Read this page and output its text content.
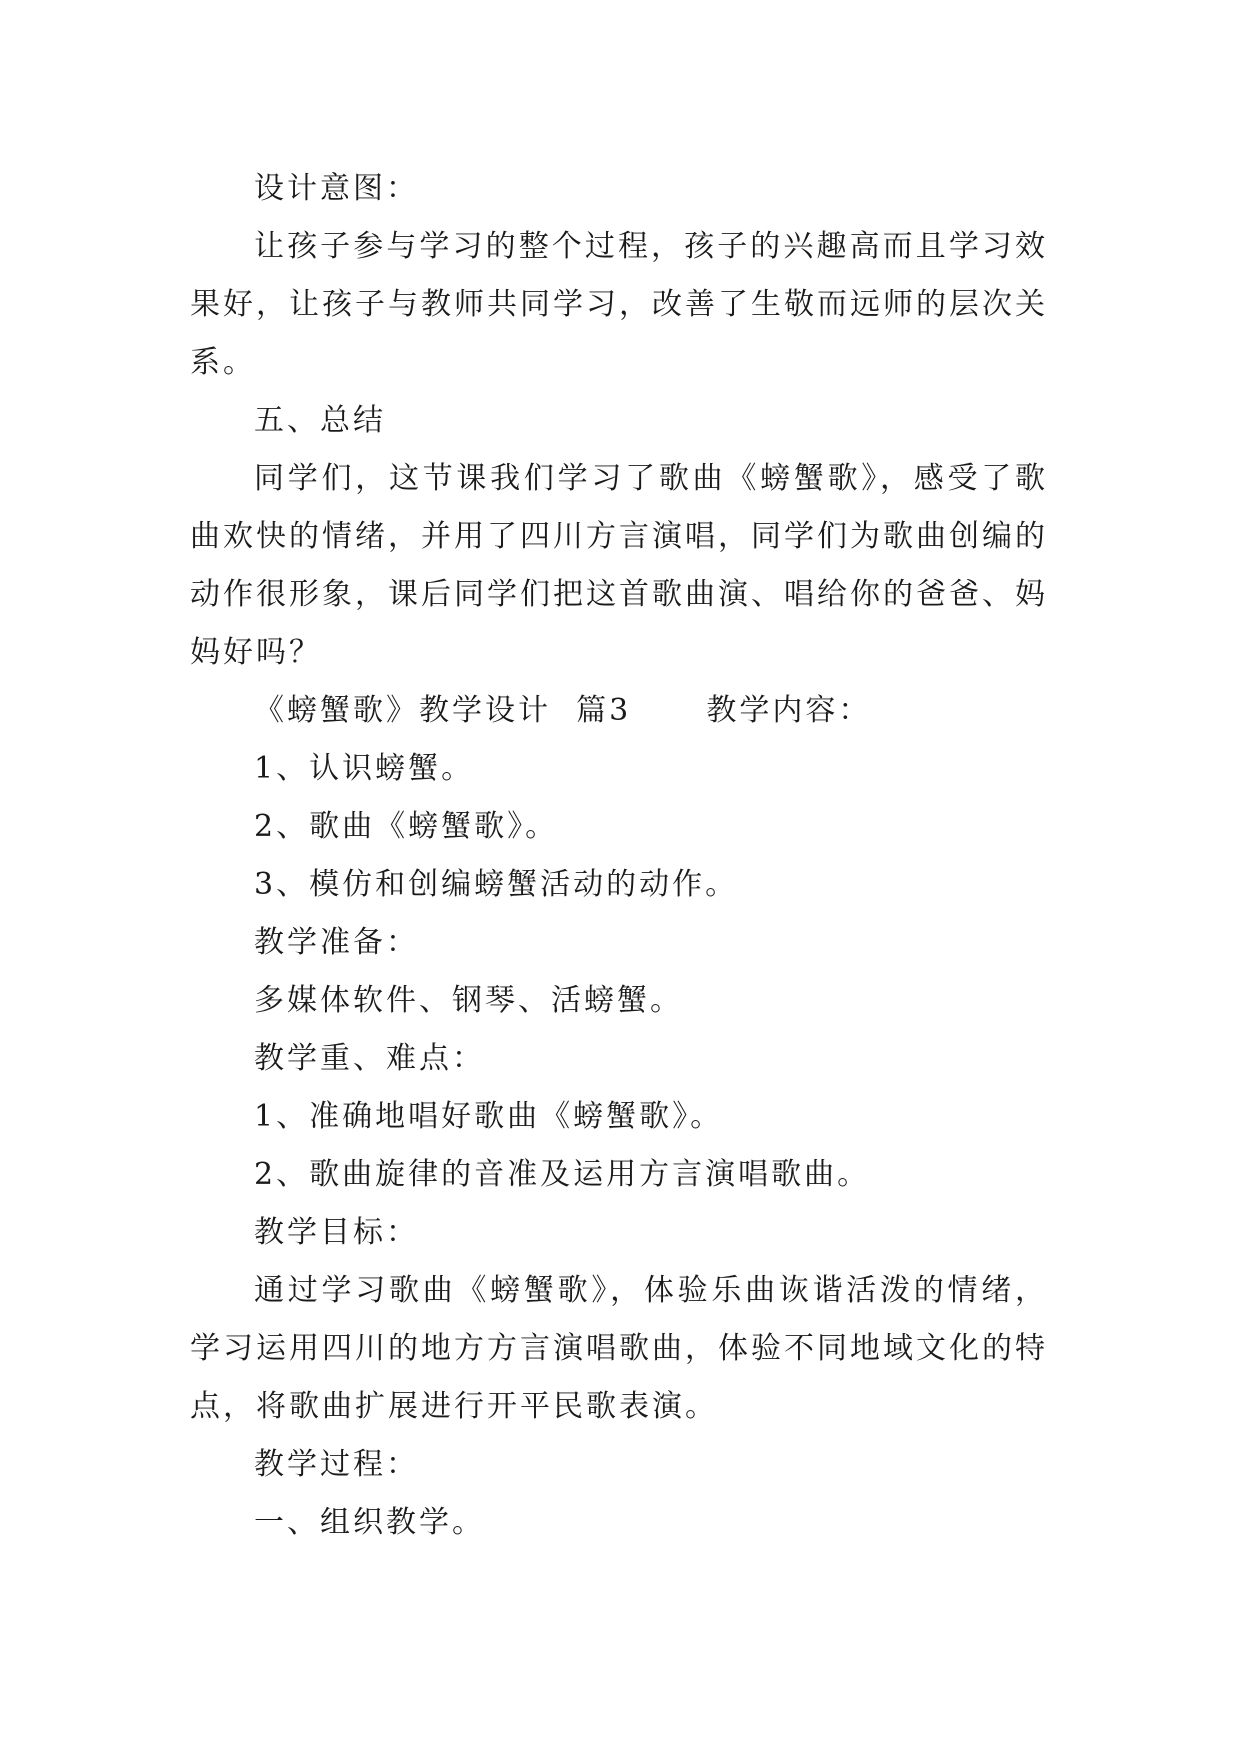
设计意图：

让孩子参与学习的整个过程，孩子的兴趣高而且学习效果好，让孩子与教师共同学习，改善了生敬而远师的层次关系。

五、总结

同学们，这节课我们学习了歌曲《螃蟹歌》，感受了歌曲欢快的情绪，并用了四川方言演唱，同学们为歌曲创编的动作很形象，课后同学们把这首歌曲演、唱给你的爸爸、妈妈好吗？

《螃蟹歌》教学设计  篇3      教学内容：

1、认识螃蟹。

2、歌曲《螃蟹歌》。

3、模仿和创编螃蟹活动的动作。

教学准备：

多媒体软件、钢琴、活螃蟹。

教学重、难点：

1、准确地唱好歌曲《螃蟹歌》。

2、歌曲旋律的音准及运用方言演唱歌曲。

教学目标：

通过学习歌曲《螃蟹歌》，体验乐曲诙谐活泼的情绪，学习运用四川的地方方言演唱歌曲，体验不同地域文化的特点，将歌曲扩展进行开平民歌表演。

教学过程：

一、组织教学。
